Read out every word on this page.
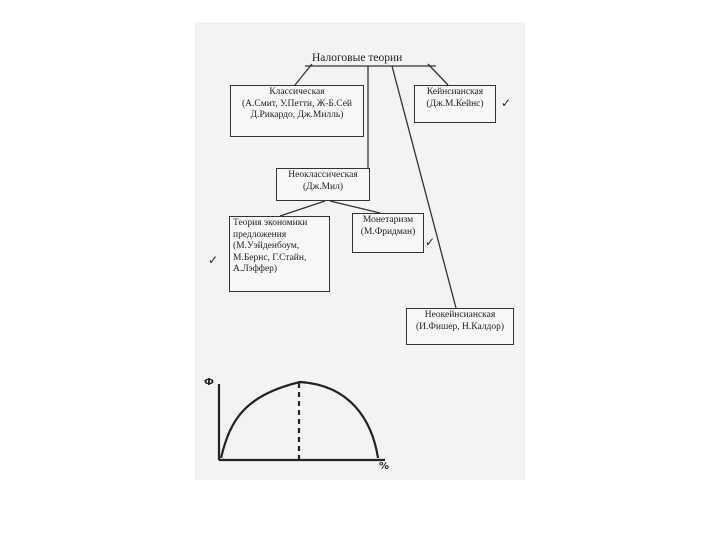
Налоговые теории
Классическая
(А.Смит, У.Петти, Ж-Б.Сей
Д.Рикардо, Дж.Милль)
Кейнсианская
(Дж.М.Кейнс)	✓
Неоклассическая
(Дж.Мил)
Теория экономики
предложения
(М.Уэйденбоум,
М.Бернс, Г.Стайн,
А.Лэффер)
✓
Монетаризм
(М.Фридман)
✓
Неокейнсианская
(И.Фишер, Н.Калдор)
Ф
%
